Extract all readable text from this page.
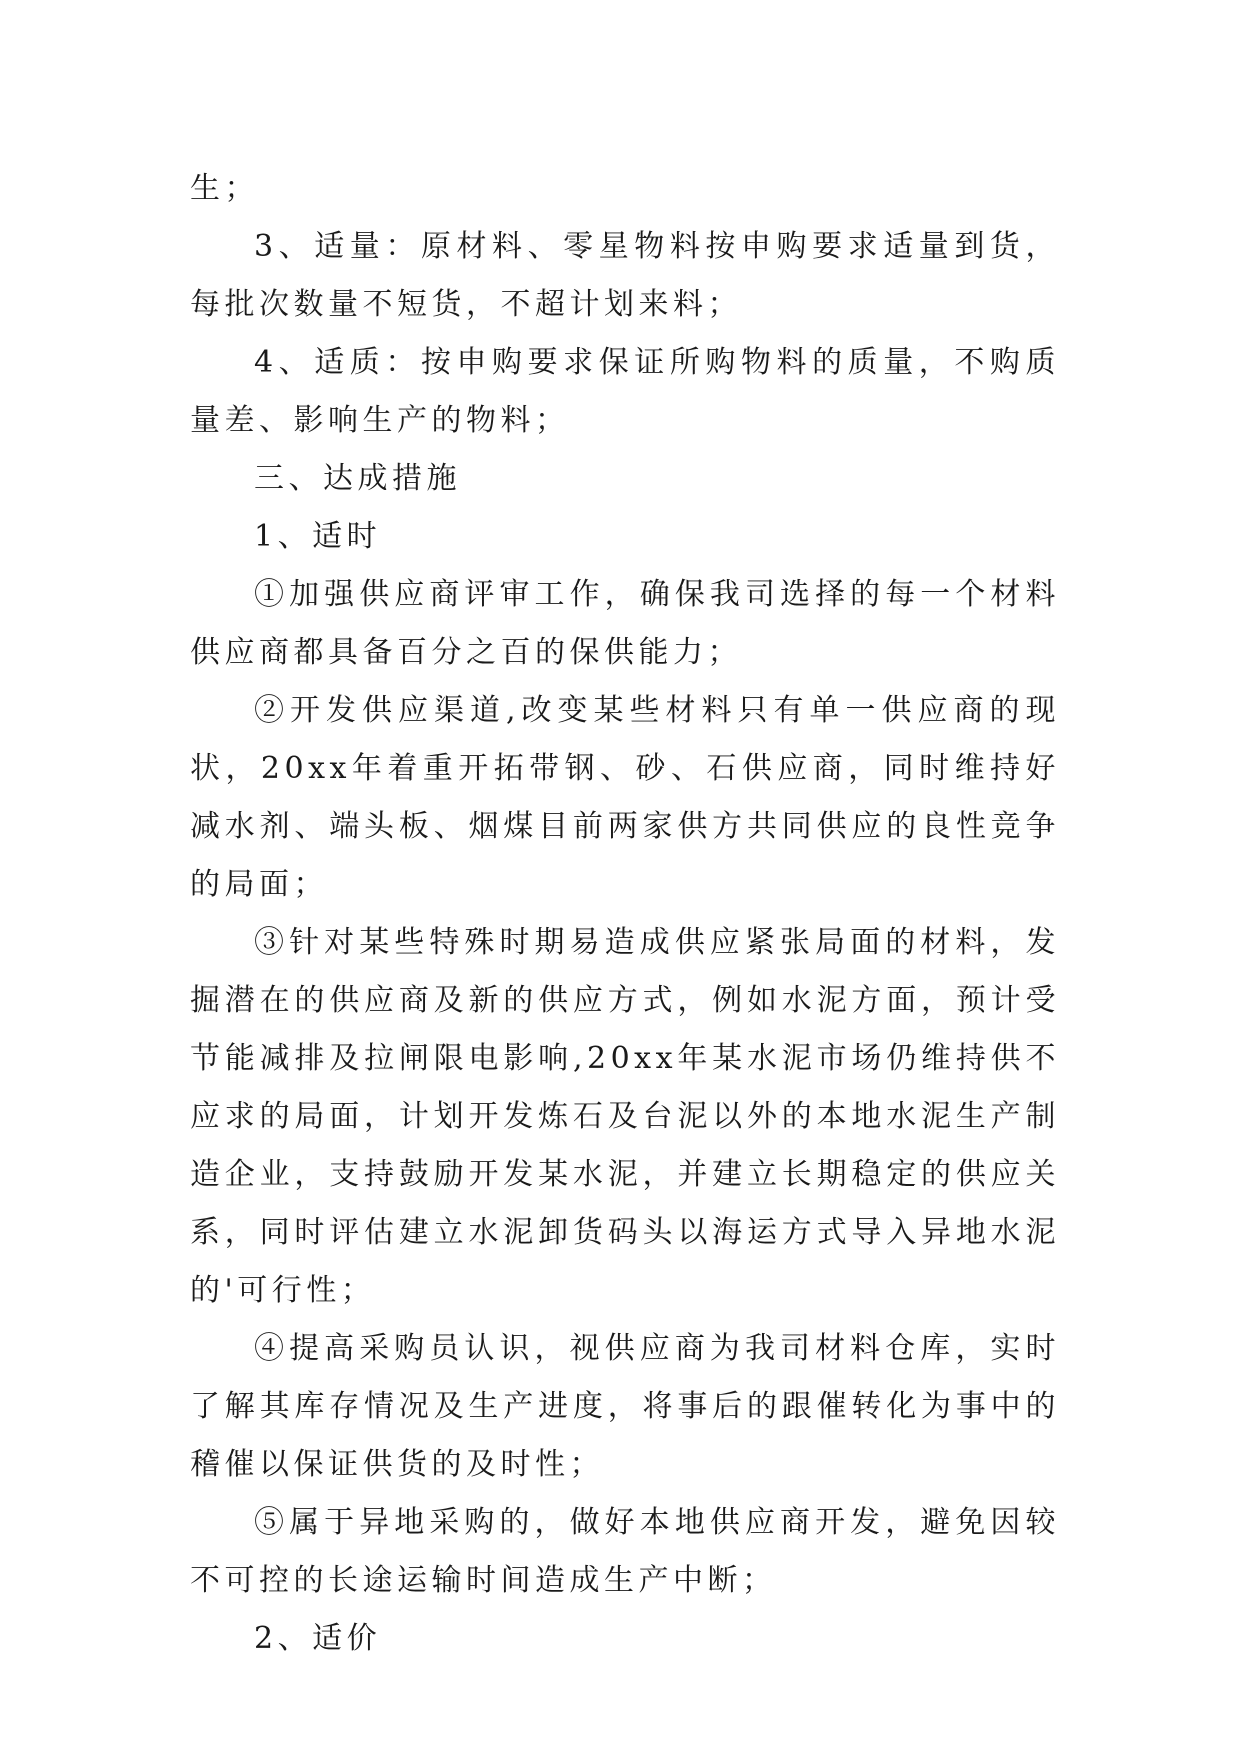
生；

3、适量：原材料、零星物料按申购要求适量到货，每批次数量不短货，不超计划来料；

4、适质：按申购要求保证所购物料的质量，不购质量差、影响生产的物料；

三、达成措施

1、适时

①加强供应商评审工作，确保我司选择的每一个材料供应商都具备百分之百的保供能力；

②开发供应渠道,改变某些材料只有单一供应商的现状，20xx年着重开拓带钢、砂、石供应商，同时维持好减水剂、端头板、烟煤目前两家供方共同供应的良性竞争的局面；

③针对某些特殊时期易造成供应紧张局面的材料，发掘潜在的供应商及新的供应方式，例如水泥方面，预计受节能减排及拉闸限电影响,20xx年某水泥市场仍维持供不应求的局面，计划开发炼石及台泥以外的本地水泥生产制造企业，支持鼓励开发某水泥，并建立长期稳定的供应关系，同时评估建立水泥卸货码头以海运方式导入异地水泥的'可行性；

④提高采购员认识，视供应商为我司材料仓库，实时了解其库存情况及生产进度，将事后的跟催转化为事中的稽催以保证供货的及时性；

⑤属于异地采购的，做好本地供应商开发，避免因较不可控的长途运输时间造成生产中断；

2、适价
